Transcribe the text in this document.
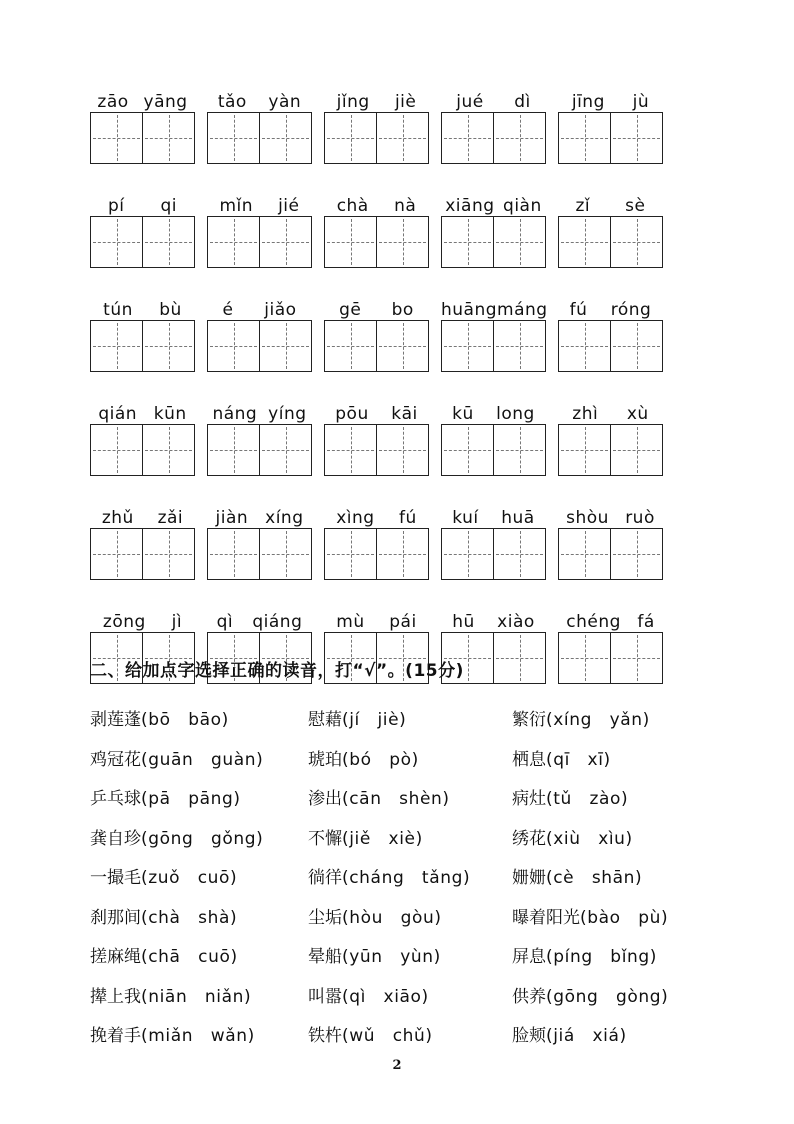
zāo yāng tǎo yàn jǐng jiè jué dì jīng jù
pí qi	mǐn jié chà nà xiāng qiàn zǐ sè
tún bù é jiǎo	gē bo huāng máng fú róng
qián kūn náng yíng pōu kāi kū long zhì xù
zhǔ zǎi jiàn xíng xìng fú kuí huā shòu ruò
zōng jì qì qiáng mù pái hū xiào chéng fá
二、给加点字选择正确的读音，打“√”。(15分)
剥莲蓬(bō　bāo)	慰藉(jí　jiè)	繁衍(xíng　yǎn)
鸡冠花(guān　guàn)	琥珀(bó　pò)	栖息(qī　xī)
乒乓球(pā　pāng)	渗出(cān　shèn)	病灶(tǔ　zào)
龚自珍(gōng　gǒng)	不懈(jiě　xiè)	绣花(xiù　xìu)
一撮毛(zuǒ　cuō)	徜徉(cháng　tǎng)	姗姗(cè　shān)
刹那间(chà　shà)	尘垢(hòu　gòu)	曝着阳光(bào　pù)
搓麻绳(chā　cuō)	晕船(yūn　yùn)	屏息(píng　bǐng)
撵上我(niān　niǎn)	叫嚣(qì　xiāo)	供养(gōng　gòng)
挽着手(miǎn　wǎn)	铁杵(wǔ　chǔ)	脸颊(jiá　xiá)
2
